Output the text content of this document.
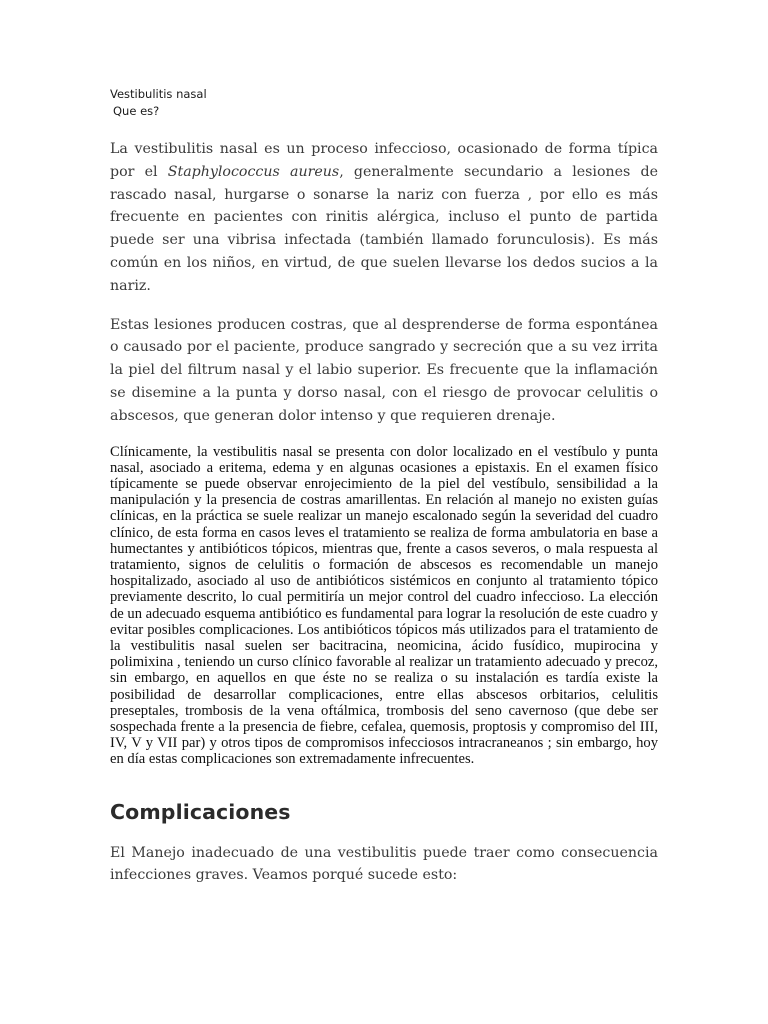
Vestibulitis nasal

Que es?

La vestibulitis nasal es un proceso infeccioso, ocasionado de forma típica por el Staphylococcus aureus, generalmente secundario a lesiones de rascado nasal, hurgarse o sonarse la nariz con fuerza , por ello es más frecuente en pacientes con rinitis alérgica, incluso el punto de partida puede ser una vibrisa infectada (también llamado forunculosis). Es más común en los niños, en virtud, de que suelen llevarse los dedos sucios a la nariz.

Estas lesiones producen costras, que al desprenderse de forma espontánea o causado por el paciente, produce sangrado y secreción que a su vez irrita la piel del filtrum nasal y el labio superior. Es frecuente que la inflamación se disemine a la punta y dorso nasal, con el riesgo de provocar celulitis o abscesos, que generan dolor intenso y que requieren drenaje.

Clínicamente, la vestibulitis nasal se presenta con dolor localizado en el vestíbulo y punta nasal, asociado a eritema, edema y en algunas ocasiones a epistaxis. En el examen físico típicamente se puede observar enrojecimiento de la piel del vestíbulo, sensibilidad a la manipulación y la presencia de costras amarillentas. En relación al manejo no existen guías clínicas, en la práctica se suele realizar un manejo escalonado según la severidad del cuadro clínico, de esta forma en casos leves el tratamiento se realiza de forma ambulatoria en base a humectantes y antibióticos tópicos, mientras que, frente a casos severos, o mala respuesta al tratamiento, signos de celulitis o formación de abscesos es recomendable un manejo hospitalizado, asociado al uso de antibióticos sistémicos en conjunto al tratamiento tópico previamente descrito, lo cual permitiría un mejor control del cuadro infeccioso. La elección de un adecuado esquema antibiótico es fundamental para lograr la resolución de este cuadro y evitar posibles complicaciones. Los antibióticos tópicos más utilizados para el tratamiento de la vestibulitis nasal suelen ser bacitracina, neomicina, ácido fusídico, mupirocina y polimixina , teniendo un curso clínico favorable al realizar un tratamiento adecuado y precoz, sin embargo, en aquellos en que éste no se realiza o su instalación es tardía existe la posibilidad de desarrollar complicaciones, entre ellas abscesos orbitarios, celulitis preseptales, trombosis de la vena oftálmica, trombosis del seno cavernoso (que debe ser sospechada frente a la presencia de fiebre, cefalea, quemosis, proptosis y compromiso del III, IV, V y VII par) y otros tipos de compromisos infecciosos intracraneanos ; sin embargo, hoy en día estas complicaciones son extremadamente infrecuentes.

Complicaciones

El Manejo inadecuado de una vestibulitis puede traer como consecuencia infecciones graves. Veamos porqué sucede esto:
